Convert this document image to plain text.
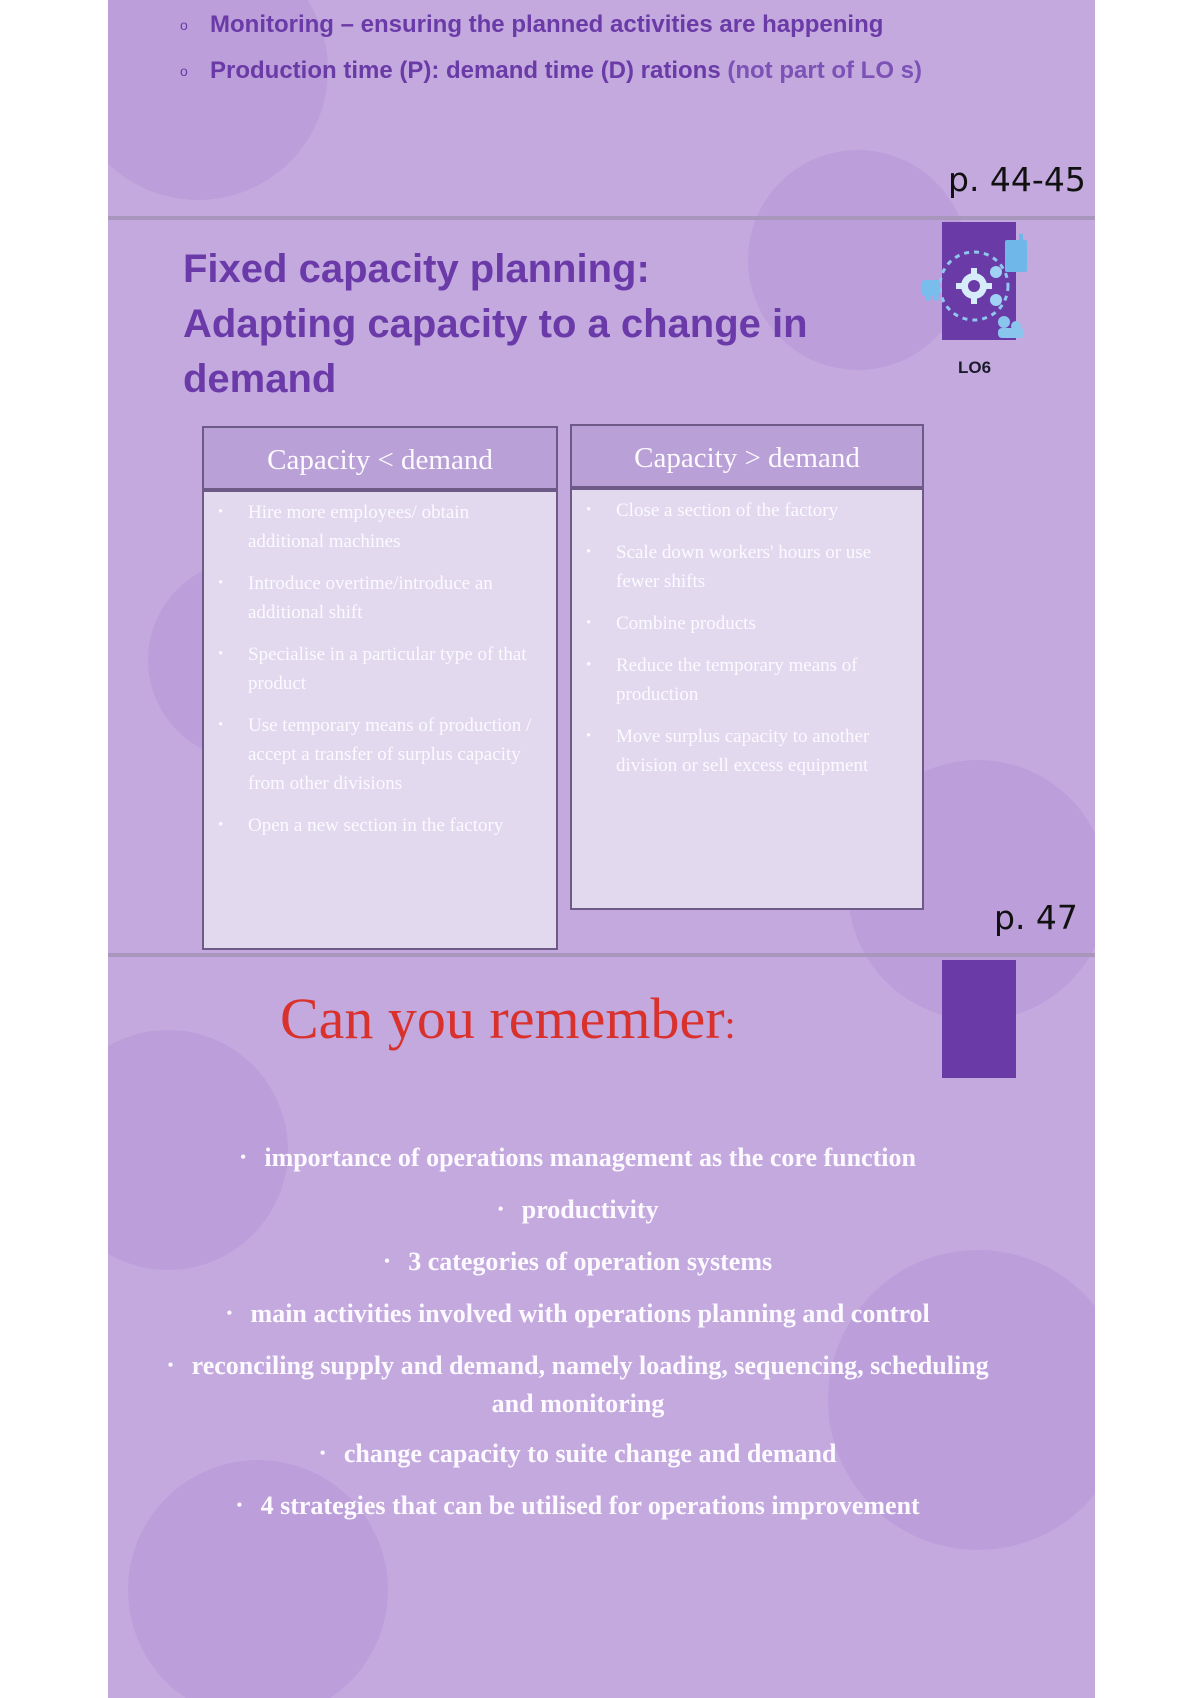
o Monitoring – ensuring the planned activities are happening
o Production time (P): demand time (D) rations (not part of LO s)
p. 44-45
Fixed capacity planning:
Adapting capacity to a change in
demand	LO6
Capacity < demand
• Hire more employees/ obtain additional machines
• Introduce overtime/introduce an additional shift
• Specialise in a particular type of that product
• Use temporary means of production / accept a transfer of surplus capacity from other divisions
• Open a new section in the factory
Capacity > demand
• Close a section of the factory
• Scale down workers' hours or use fewer shifts
• Combine products
• Reduce the temporary means of production
• Move surplus capacity to another division or sell excess equipment
p. 47
Can you remember:
• importance of operations management as the core function
• productivity
• 3 categories of operation systems
• main activities involved with operations planning and control
• reconciling supply and demand, namely loading, sequencing, scheduling and monitoring
• change capacity to suite change and demand
• 4 strategies that can be utilised for operations improvement
